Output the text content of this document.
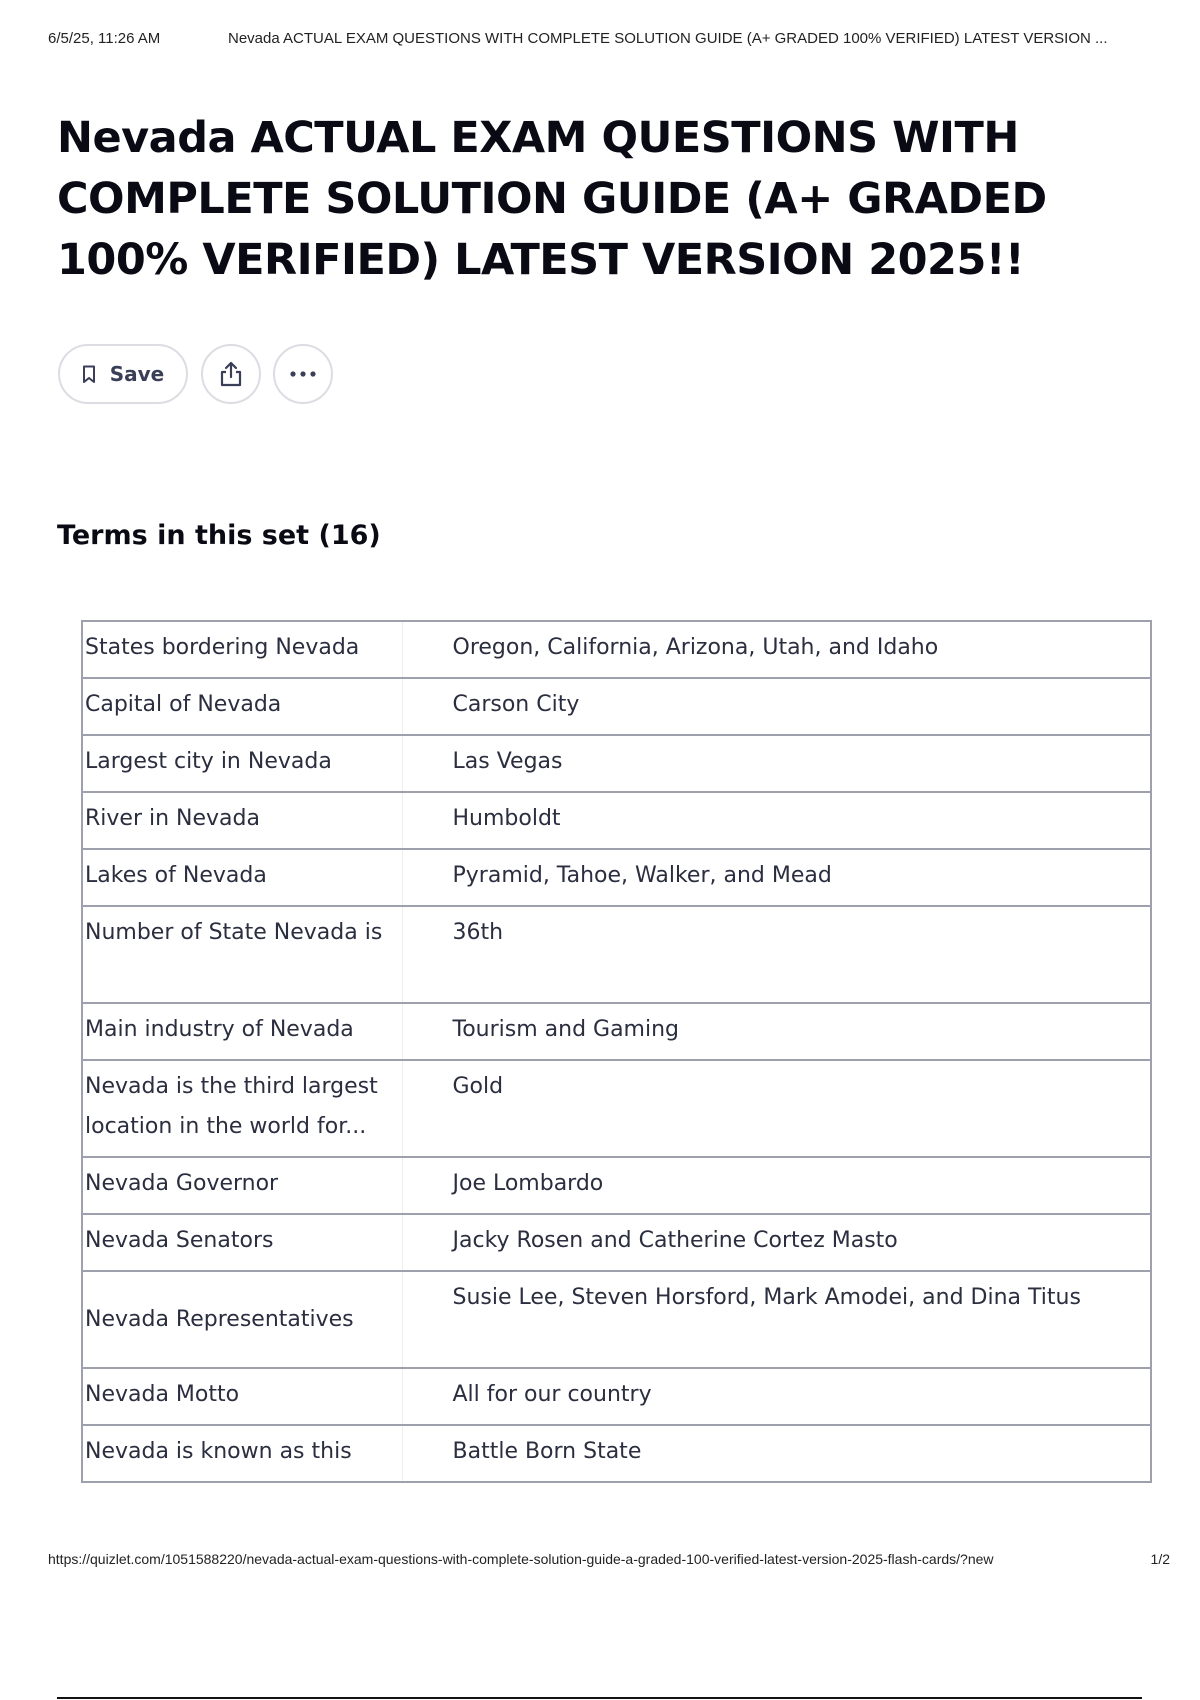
6/5/25, 11:26 AM	Nevada ACTUAL EXAM QUESTIONS WITH COMPLETE SOLUTION GUIDE (A+ GRADED 100% VERIFIED) LATEST VERSION ...
Nevada ACTUAL EXAM QUESTIONS WITH COMPLETE SOLUTION GUIDE (A+ GRADED 100% VERIFIED) LATEST VERSION 2025!!
Save
Terms in this set (16)
States bordering Nevada	Oregon, California, Arizona, Utah, and Idaho
Capital of Nevada	Carson City
Largest city in Nevada	Las Vegas
River in Nevada	Humboldt
Lakes of Nevada	Pyramid, Tahoe, Walker, and Mead
Number of State Nevada is	36th
Main industry of Nevada	Tourism and Gaming
Nevada is the third largest location in the world for...	Gold
Nevada Governor	Joe Lombardo
Nevada Senators	Jacky Rosen and Catherine Cortez Masto
Nevada Representatives	Susie Lee, Steven Horsford, Mark Amodei, and Dina Titus
Nevada Motto	All for our country
Nevada is known as this	Battle Born State
https://quizlet.com/1051588220/nevada-actual-exam-questions-with-complete-solution-guide-a-graded-100-verified-latest-version-2025-flash-cards/?new	1/2
